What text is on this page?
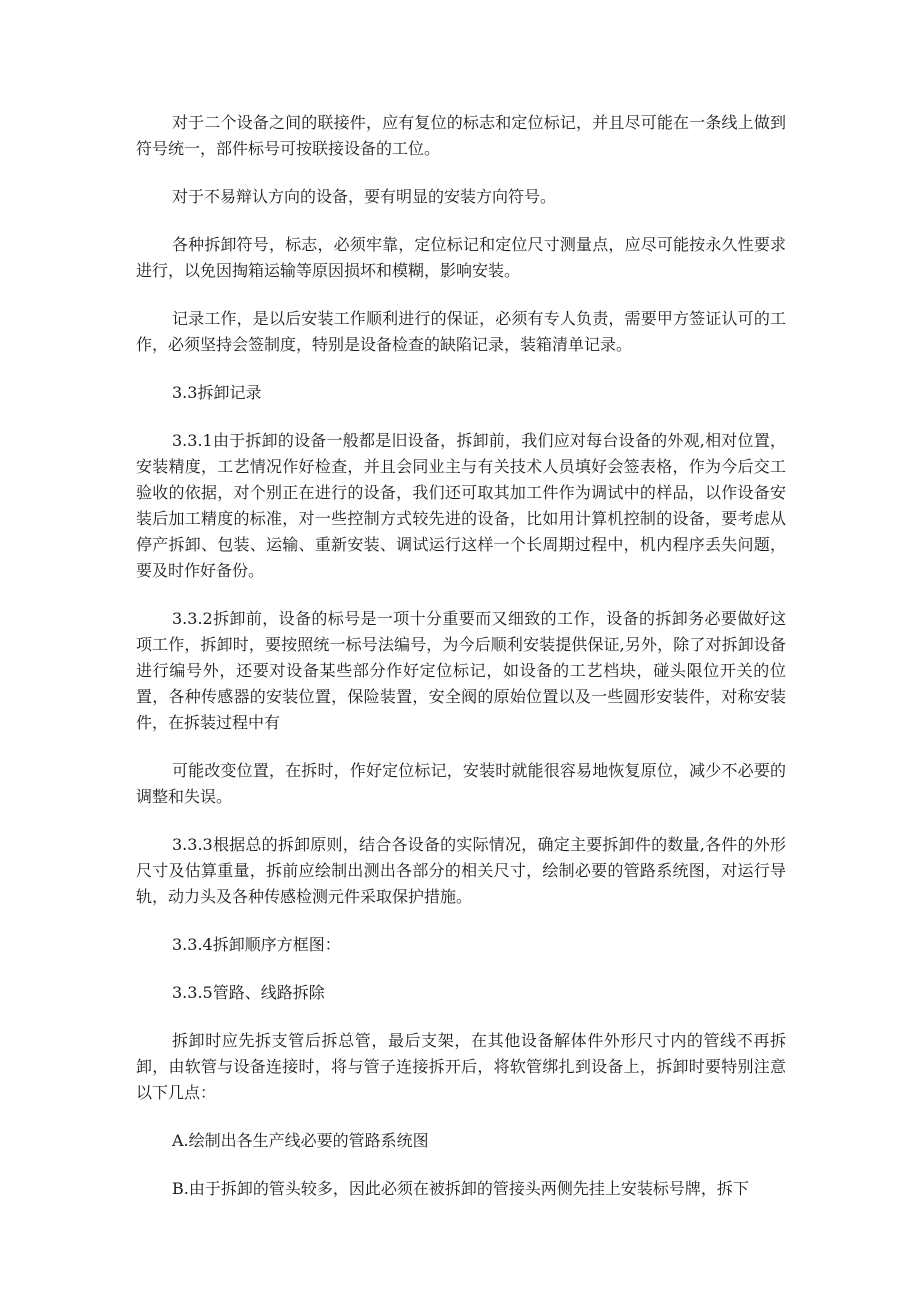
对于二个设备之间的联接件，应有复位的标志和定位标记，并且尽可能在一条线上做到符号统一，部件标号可按联接设备的工位。

对于不易辩认方向的设备，要有明显的安装方向符号。

各种拆卸符号，标志，必须牢靠，定位标记和定位尺寸测量点，应尽可能按永久性要求进行，以免因掏箱运输等原因损坏和模糊，影响安装。

记录工作，是以后安装工作顺利进行的保证，必须有专人负责，需要甲方签证认可的工作，必须坚持会签制度，特别是设备检查的缺陷记录，装箱清单记录。

3.3拆卸记录

3.3.1由于拆卸的设备一般都是旧设备，拆卸前，我们应对每台设备的外观,相对位置，安装精度，工艺情况作好检查，并且会同业主与有关技术人员填好会签表格，作为今后交工验收的依据，对个别正在进行的设备，我们还可取其加工件作为调试中的样品，以作设备安装后加工精度的标准，对一些控制方式较先进的设备，比如用计算机控制的设备，要考虑从停产拆卸、包装、运输、重新安装、调试运行这样一个长周期过程中，机内程序丢失问题，要及时作好备份。

3.3.2拆卸前，设备的标号是一项十分重要而又细致的工作，设备的拆卸务必要做好这项工作，拆卸时，要按照统一标号法编号，为今后顺利安装提供保证,另外，除了对拆卸设备进行编号外，还要对设备某些部分作好定位标记，如设备的工艺档块，碰头限位开关的位置，各种传感器的安装位置，保险装置，安全阀的原始位置以及一些圆形安装件，对称安装件，在拆装过程中有

可能改变位置，在拆时，作好定位标记，安装时就能很容易地恢复原位，减少不必要的调整和失误。

3.3.3根据总的拆卸原则，结合各设备的实际情况，确定主要拆卸件的数量,各件的外形尺寸及估算重量，拆前应绘制出测出各部分的相关尺寸，绘制必要的管路系统图，对运行导轨，动力头及各种传感检测元件采取保护措施。

3.3.4拆卸顺序方框图：

3.3.5管路、线路拆除

拆卸时应先拆支管后拆总管，最后支架，在其他设备解体件外形尺寸内的管线不再拆卸，由软管与设备连接时，将与管子连接拆开后，将软管绑扎到设备上，拆卸时要特别注意以下几点：

A.绘制出各生产线必要的管路系统图

B.由于拆卸的管头较多，因此必须在被拆卸的管接头两侧先挂上安装标号牌，拆下
